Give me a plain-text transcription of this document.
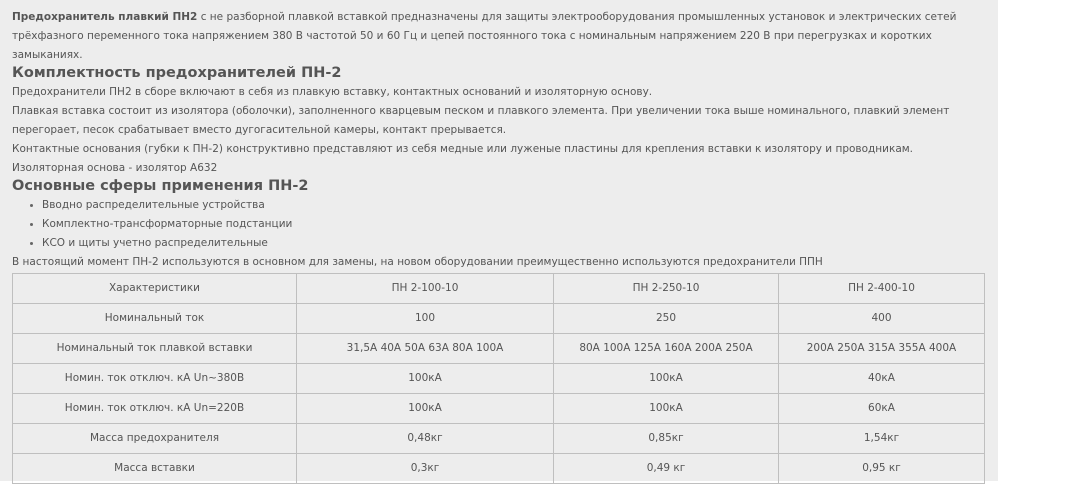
Предохранитель плавкий ПН2 с не разборной плавкой вставкой предназначены для защиты электрооборудования промышленных установок и электрических сетей трёхфазного переменного тока напряжением 380 В частотой 50 и 60 Гц и цепей постоянного тока с номинальным напряжением 220 В при перегрузках и коротких замыканиях.

Комплектность предохранителей ПН-2

Предохранители ПН2 в сборе включают в себя из плавкую вставку, контактных оснований и изоляторную основу.

Плавкая вставка состоит из изолятора (оболочки), заполненного кварцевым песком и плавкого элемента. При увеличении тока выше номинального, плавкий элемент перегорает, песок срабатывает вместо дугогасительной камеры, контакт прерывается.

Контактные основания (губки к ПН-2) конструктивно представляют из себя медные или луженые пластины для крепления вставки к изолятору и проводникам.

Изоляторная основа - изолятор А632

Основные сферы применения ПН-2
Вводно распределительные устройства
Комплектно-трансформаторные подстанции
КСО и щиты учетно распределительные

В настоящий момент ПН-2 используются в основном для замены, на новом оборудовании преимущественно используются предохранители ППН

Характеристики	ПН 2-100-10	ПН 2-250-10	ПН 2-400-10
Номинальный ток	100	250	400
Номинальный ток плавкой вставки	31,5A 40A 50A 63A 80A 100A	80A 100A 125A 160A 200A 250A	200A 250A 315A 355A 400A
Номин. ток отключ. кА Un~380В	100кА	100кА	40кА
Номин. ток отключ. кА Un=220В	100кА	100кА	60кА
Масса предохранителя	0,48кг	0,85кг	1,54кг
Масса вставки	0,3кг	0,49 кг	0,95 кг
